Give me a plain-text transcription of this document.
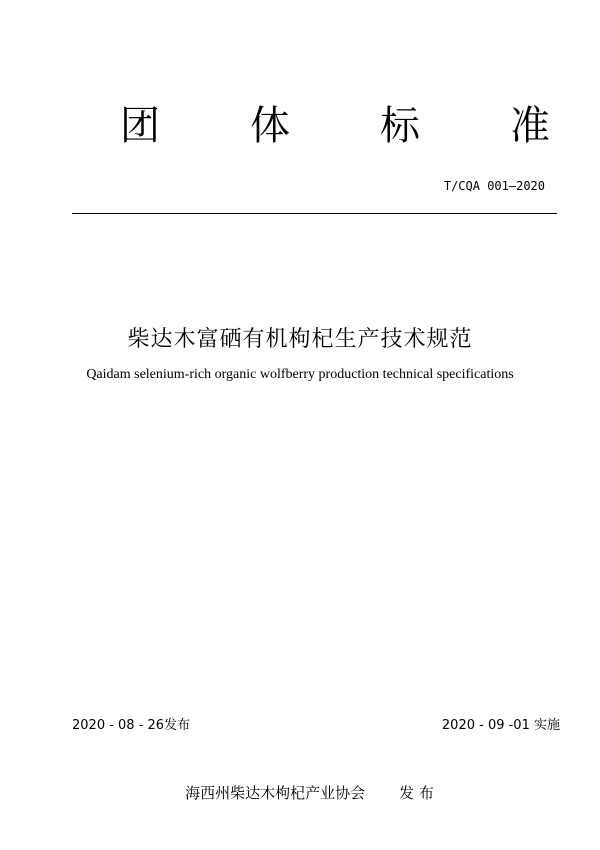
团 体 标 准
T/CQA 001—2020
柴达木富硒有机枸杞生产技术规范
Qaidam selenium-rich organic wolfberry production technical specifications
2020 - 08 - 26发布	2020 - 09 -01 实施

海西州柴达木枸杞产业协会 发 布
